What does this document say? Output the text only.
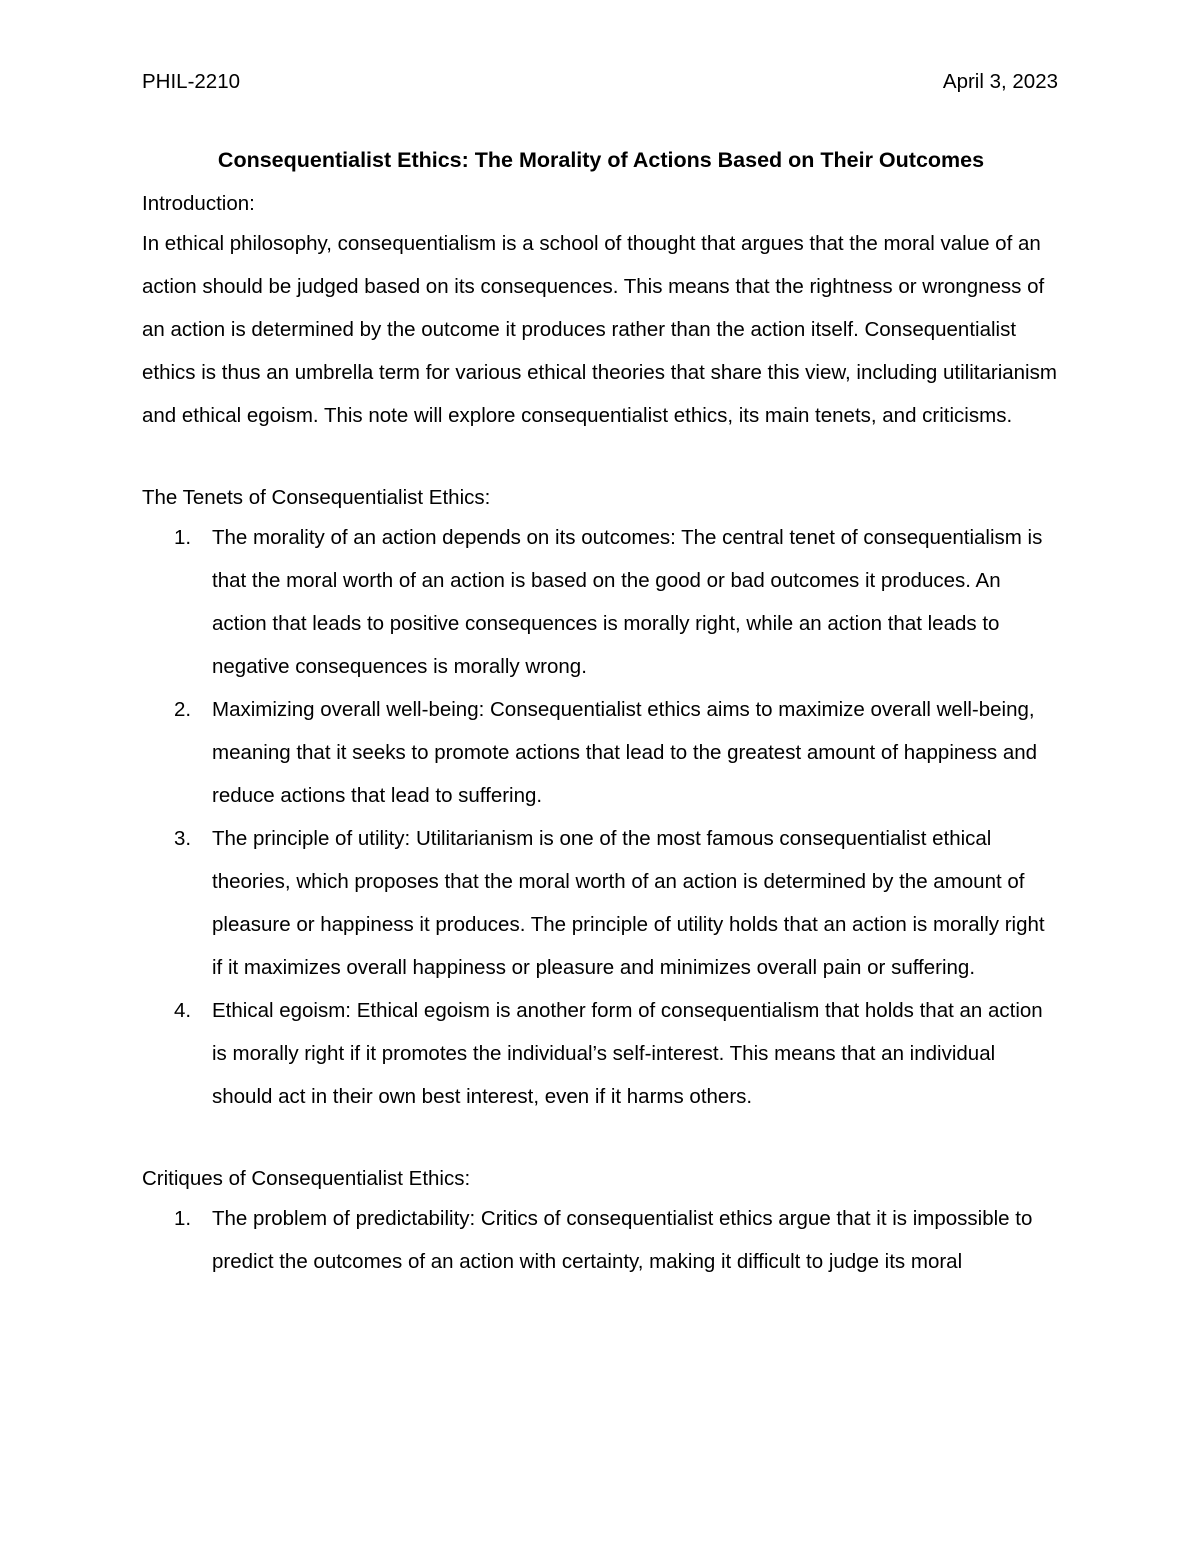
PHIL-2210	April 3, 2023
Consequentialist Ethics: The Morality of Actions Based on Their Outcomes
Introduction:

In ethical philosophy, consequentialism is a school of thought that argues that the moral value of an action should be judged based on its consequences. This means that the rightness or wrongness of an action is determined by the outcome it produces rather than the action itself. Consequentialist ethics is thus an umbrella term for various ethical theories that share this view, including utilitarianism and ethical egoism. This note will explore consequentialist ethics, its main tenets, and criticisms.

The Tenets of Consequentialist Ethics:
1. The morality of an action depends on its outcomes: The central tenet of consequentialism is that the moral worth of an action is based on the good or bad outcomes it produces. An action that leads to positive consequences is morally right, while an action that leads to negative consequences is morally wrong.
2. Maximizing overall well-being: Consequentialist ethics aims to maximize overall well-being, meaning that it seeks to promote actions that lead to the greatest amount of happiness and reduce actions that lead to suffering.
3. The principle of utility: Utilitarianism is one of the most famous consequentialist ethical theories, which proposes that the moral worth of an action is determined by the amount of pleasure or happiness it produces. The principle of utility holds that an action is morally right if it maximizes overall happiness or pleasure and minimizes overall pain or suffering.
4. Ethical egoism: Ethical egoism is another form of consequentialism that holds that an action is morally right if it promotes the individual’s self-interest. This means that an individual should act in their own best interest, even if it harms others.
Critiques of Consequentialist Ethics:
1. The problem of predictability: Critics of consequentialist ethics argue that it is impossible to predict the outcomes of an action with certainty, making it difficult to judge its moral
